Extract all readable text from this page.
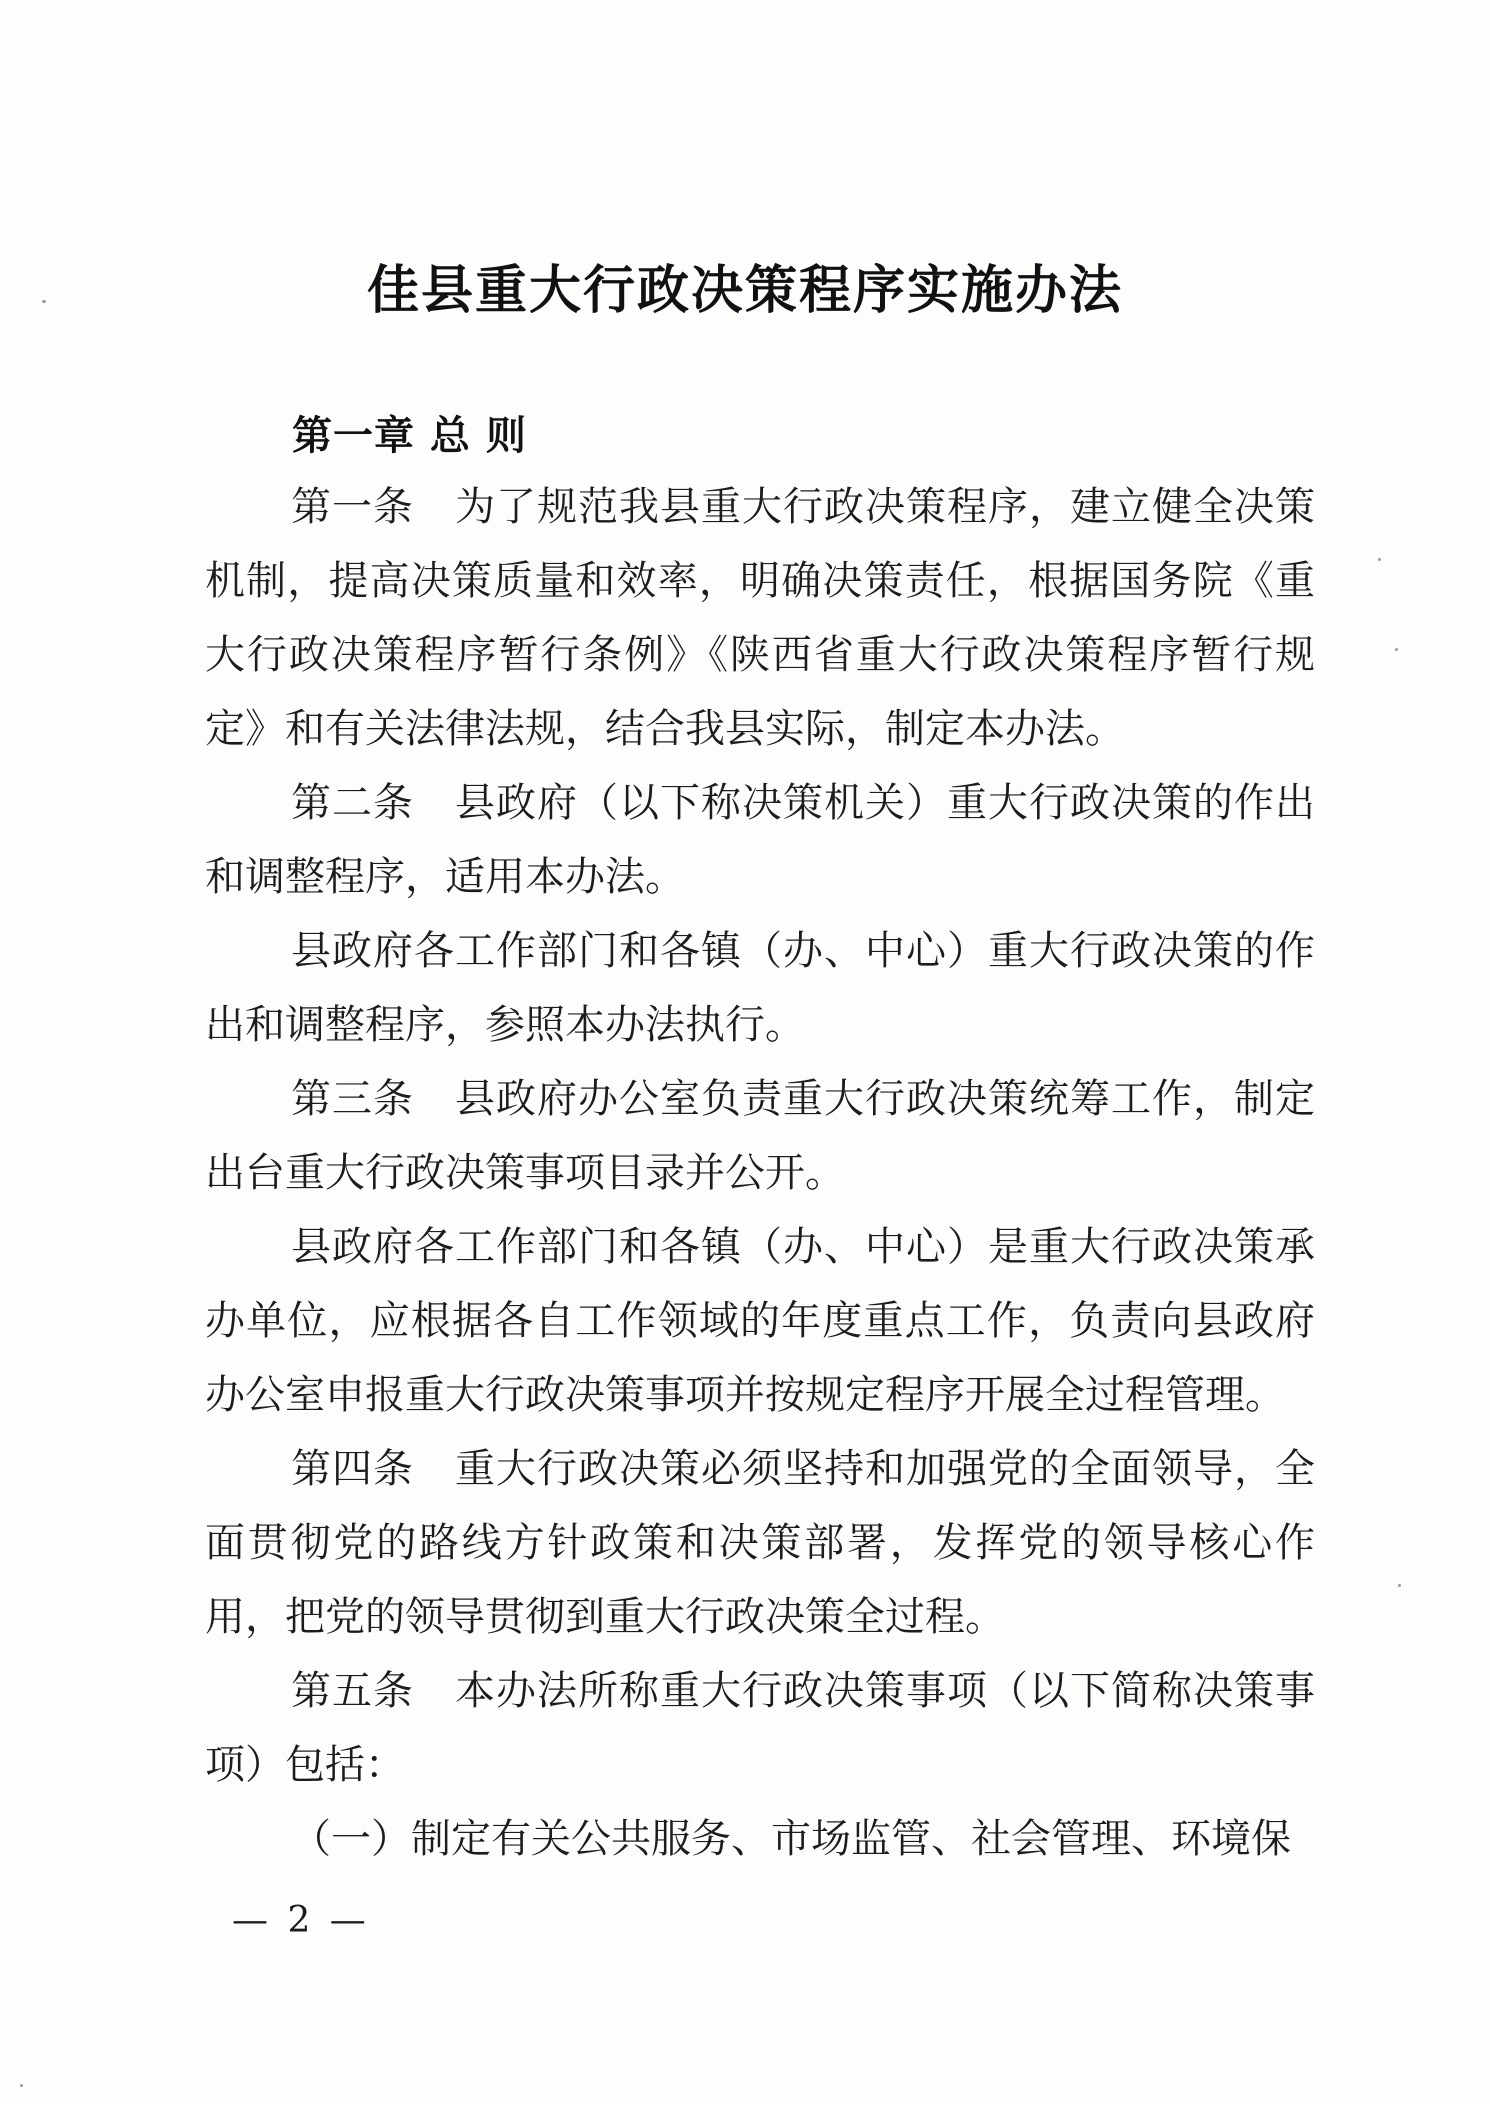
佳县重大行政决策程序实施办法
第一章 总 则

第一条　为了规范我县重大行政决策程序，建立健全决策机制，提高决策质量和效率，明确决策责任，根据国务院《重大行政决策程序暂行条例》《陕西省重大行政决策程序暂行规定》和有关法律法规，结合我县实际，制定本办法。

第二条　县政府（以下称决策机关）重大行政决策的作出和调整程序，适用本办法。

县政府各工作部门和各镇（办、中心）重大行政决策的作出和调整程序，参照本办法执行。

第三条　县政府办公室负责重大行政决策统筹工作，制定出台重大行政决策事项目录并公开。

县政府各工作部门和各镇（办、中心）是重大行政决策承办单位，应根据各自工作领域的年度重点工作，负责向县政府办公室申报重大行政决策事项并按规定程序开展全过程管理。

第四条　重大行政决策必须坚持和加强党的全面领导，全面贯彻党的路线方针政策和决策部署，发挥党的领导核心作用，把党的领导贯彻到重大行政决策全过程。

第五条　本办法所称重大行政决策事项（以下简称决策事项）包括：

（一）制定有关公共服务、市场监管、社会管理、环境保

— 2 —
